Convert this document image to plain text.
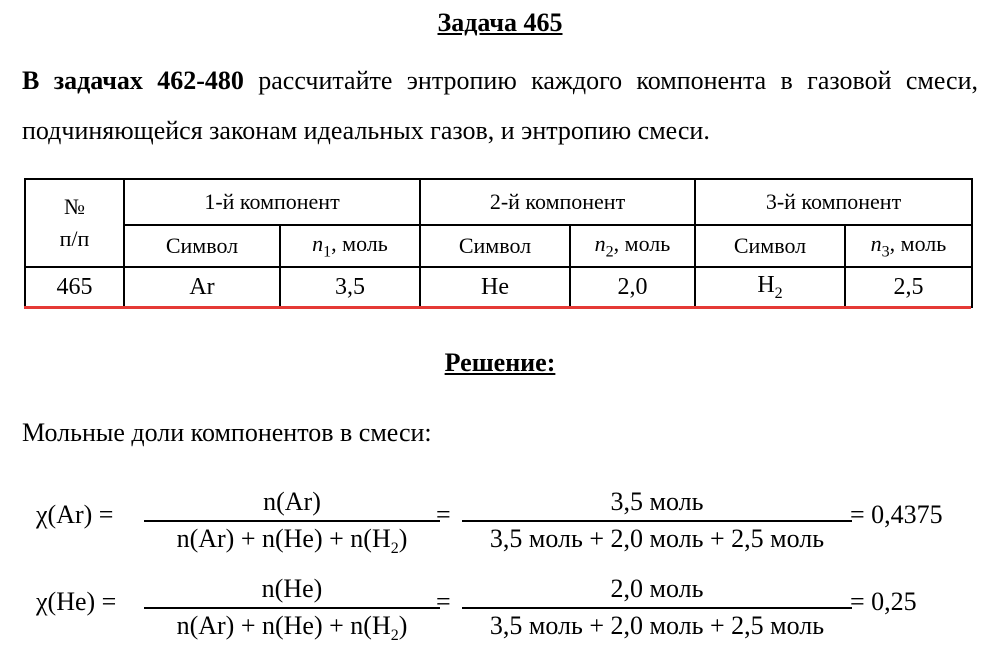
Задача 465
В задачах 462-480 рассчитайте энтропию каждого компонента в газовой смеси, подчиняющейся законам идеальных газов, и энтропию смеси.
№
п/п	1-й компонент		2-й компонент		3-й компонент	
	Символ	$n_1$, моль	Символ	$n_2$, моль	Символ	$n_3$, моль
465	Ar	3,5	He	2,0	$H_2$	2,5
Решение:
Мольные доли компонентов в смеси:
χ(Ar) =	n(Ar)
$n(Ar) + n(He) + n(H_2)$
=	3,5 моль
3,5 моль + 2,0 моль + 2,5 моль
= 0,4375
χ(He) =	n(He)
$n(Ar) + n(He) + n(H_2)$
=	2,0 моль
3,5 моль + 2,0 моль + 2,5 моль
= 0,25
